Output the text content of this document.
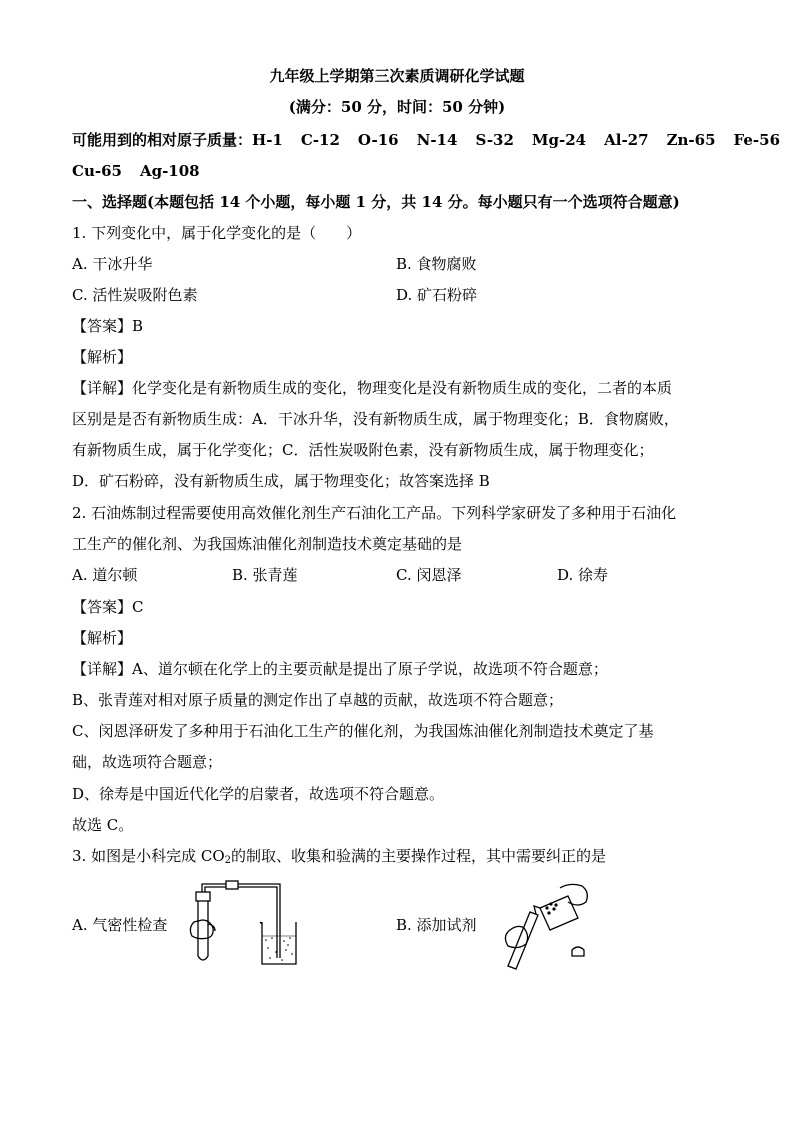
九年级上学期第三次素质调研化学试题
(满分：50 分，时间：50 分钟)
可能用到的相对原子质量：H-1 C-12 O-16 N-14 S-32 Mg-24 Al-27 Zn-65 Fe-56
Cu-65 Ag-108
一、选择题(本题包括 14 个小题，每小题 1 分，共 14 分。每小题只有一个选项符合题意)
1. 下列变化中，属于化学变化的是（　　）
A. 干冰升华	B. 食物腐败
C. 活性炭吸附色素	D. 矿石粉碎
【答案】B
【解析】
【详解】化学变化是有新物质生成的变化，物理变化是没有新物质生成的变化，二者的本质
区别是是否有新物质生成：A．干冰升华，没有新物质生成，属于物理变化；B．食物腐败，
有新物质生成，属于化学变化；C．活性炭吸附色素，没有新物质生成，属于物理变化；
D．矿石粉碎，没有新物质生成，属于物理变化；故答案选择 B
2. 石油炼制过程需要使用高效催化剂生产石油化工产品。下列科学家研发了多种用于石油化
工生产的催化剂、为我国炼油催化剂制造技术奠定基础的是
A. 道尔顿	B. 张青莲	C. 闵恩泽	D. 徐寿
【答案】C
【解析】
【详解】A、道尔顿在化学上的主要贡献是提出了原子学说，故选项不符合题意；
B、张青莲对相对原子质量的测定作出了卓越的贡献，故选项不符合题意；
C、闵恩泽研发了多种用于石油化工生产的催化剂，为我国炼油催化剂制造技术奠定了基
础，故选项符合题意；
D、徐寿是中国近代化学的启蒙者，故选项不符合题意。
故选 C。
3. 如图是小科完成 $CO_2$的制取、收集和验满的主要操作过程，其中需要纠正的是
A. 气密性检查	B. 添加试剂
